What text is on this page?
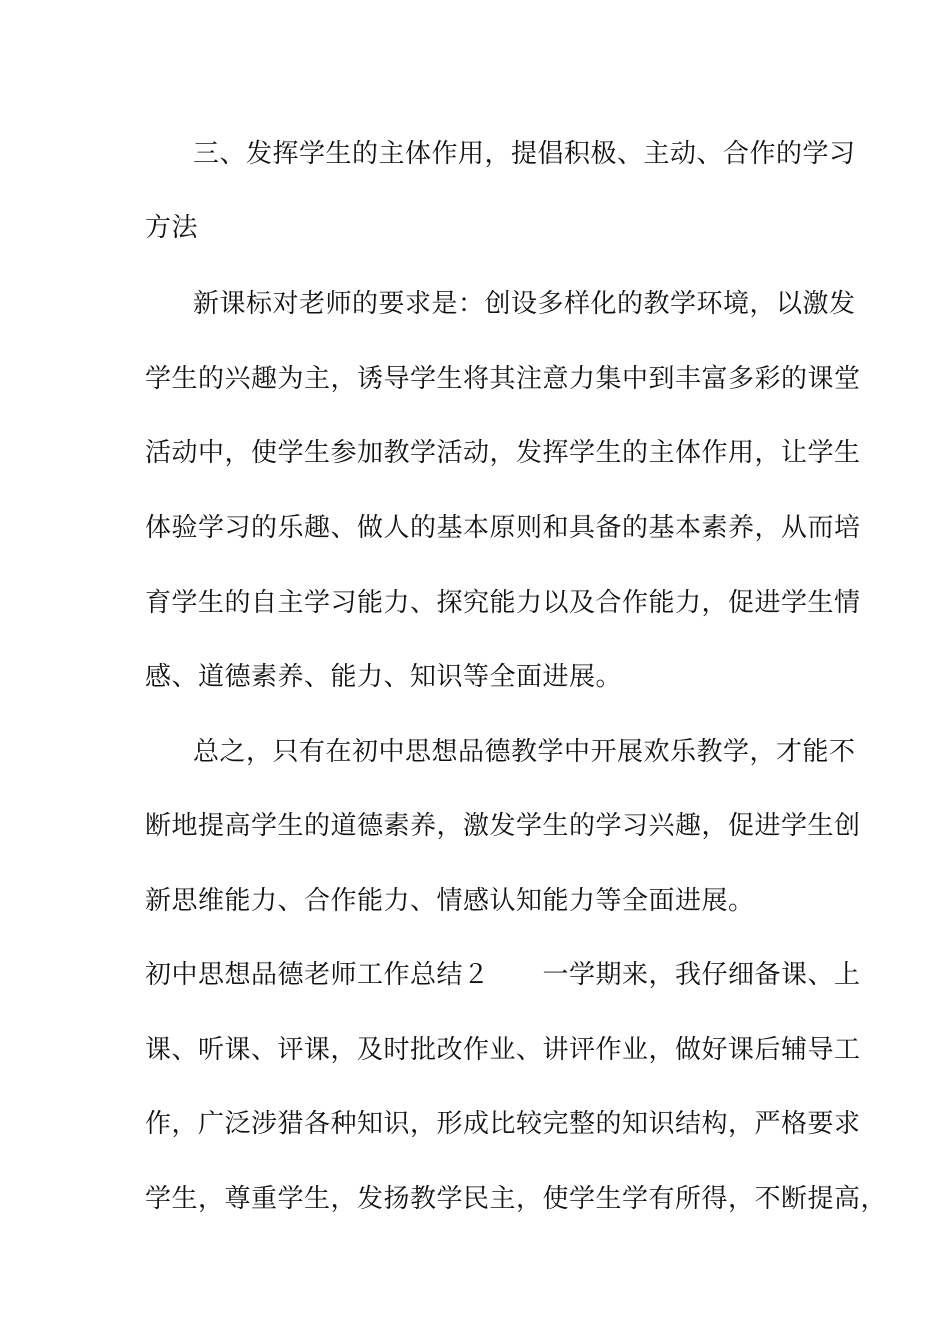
三、发挥学生的主体作用，提倡积极、主动、合作的学习
方法
新课标对老师的要求是：创设多样化的教学环境，以激发
学生的兴趣为主，诱导学生将其注意力集中到丰富多彩的课堂
活动中，使学生参加教学活动，发挥学生的主体作用，让学生
体验学习的乐趣、做人的基本原则和具备的基本素养，从而培
育学生的自主学习能力、探究能力以及合作能力，促进学生情
感、道德素养、能力、知识等全面进展。
总之，只有在初中思想品德教学中开展欢乐教学，才能不
断地提高学生的道德素养，激发学生的学习兴趣，促进学生创
新思维能力、合作能力、情感认知能力等全面进展。
初中思想品德老师工作总结２　　一学期来，我仔细备课、上
课、听课、评课，及时批改作业、讲评作业，做好课后辅导工
作，广泛涉猎各种知识，形成比较完整的知识结构，严格要求
学生，尊重学生，发扬教学民主，使学生学有所得，不断提高，
